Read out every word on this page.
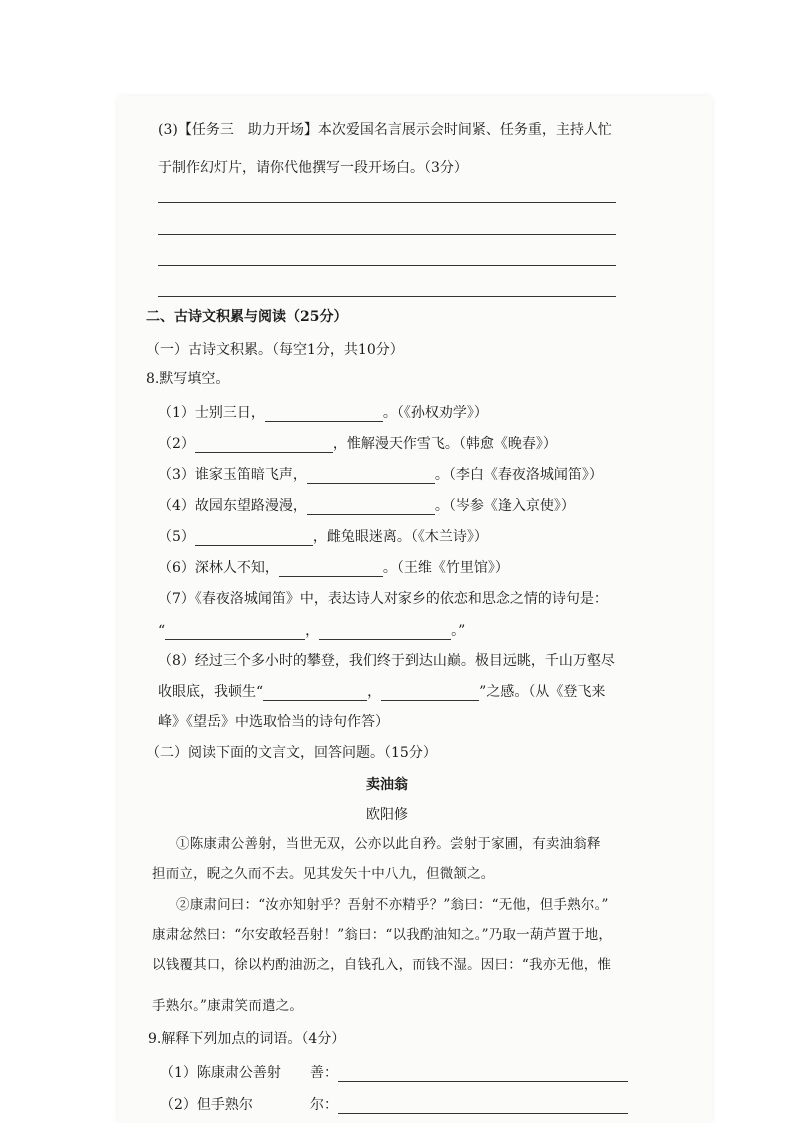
(3)【任务三　助力开场】本次爱国名言展示会时间紧、任务重，主持人忙
于制作幻灯片，请你代他撰写一段开场白。（3分）
二、古诗文积累与阅读（25分）
（一）古诗文积累。（每空1分，共10分）
8.默写填空。
（1）士别三日，	。（《孙权劝学》）
（2）	，惟解漫天作雪飞。（韩愈《晚春》）
（3）谁家玉笛暗飞声，	。（李白《春夜洛城闻笛》）
（4）故园东望路漫漫，	。（岑参《逢入京使》）
（5）	，雌兔眼迷离。（《木兰诗》）
（6）深林人不知，	。（王维《竹里馆》）
（7）《春夜洛城闻笛》中，表达诗人对家乡的依恋和思念之情的诗句是：
“	，	。”
（8）经过三个多小时的攀登，我们终于到达山巅。极目远眺，千山万壑尽
收眼底，我顿生“	，	”之感。（从《登飞来
峰》《望岳》中选取恰当的诗句作答）
（二）阅读下面的文言文，回答问题。（15分）
卖油翁
欧阳修
①陈康肃公善射，当世无双，公亦以此自矜。尝射于家圃，有卖油翁释
担而立，睨之久而不去。见其发矢十中八九，但微颔之。
②康肃问曰：“汝亦知射乎？吾射不亦精乎？”翁曰：“无他，但手熟尔。”
康肃忿然曰：“尔安敢轻吾射！”翁曰：“以我酌油知之。”乃取一葫芦置于地，
以钱覆其口，徐以杓酌油沥之，自钱孔入，而钱不湿。因曰：“我亦无他，惟
手熟尔。”康肃笑而遣之。
9.解释下列加点的词语。（4分）
（1）陈康肃公善射 善：
（2）但手熟尔	尔：
